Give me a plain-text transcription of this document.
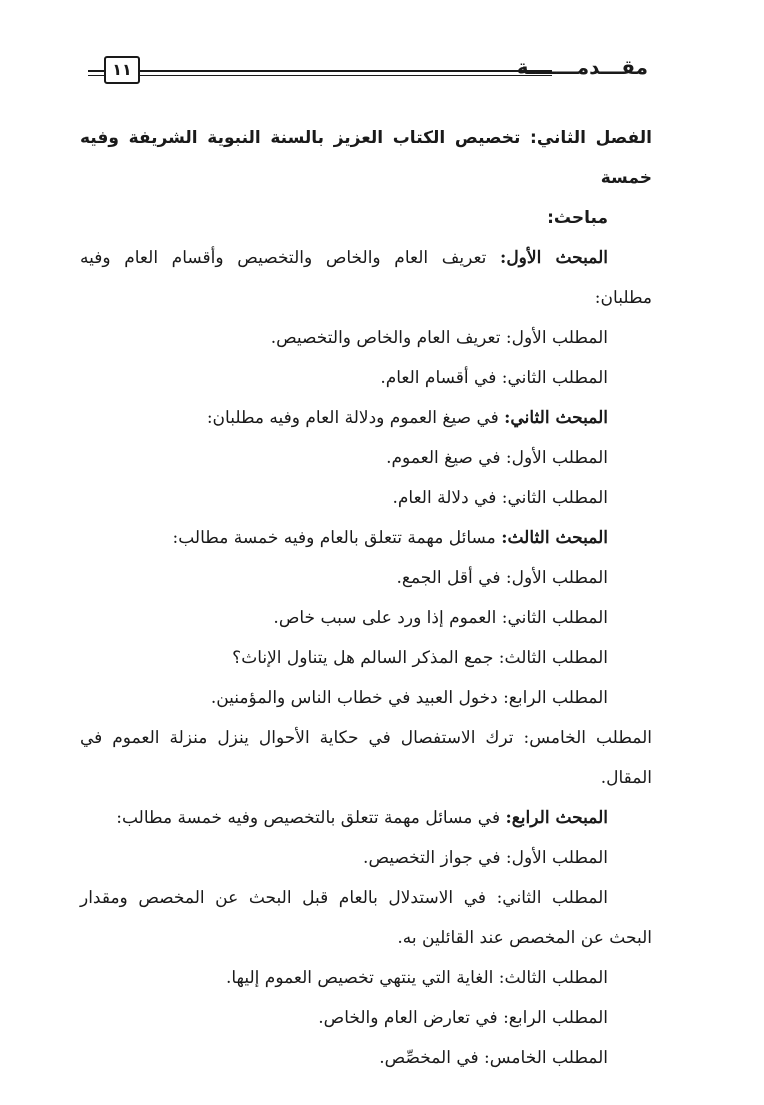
١١	مقـــدمـــــــة
الفصل الثاني: تخصيص الكتاب العزيز بالسنة النبوية الشريفة وفيه خمسة
مباحث:
المبحث الأول: تعريف العام والخاص والتخصيص وأقسام العام وفيه
مطلبان:
المطلب الأول: تعريف العام والخاص والتخصيص.
المطلب الثاني: في أقسام العام.
المبحث الثاني: في صيغ العموم ودلالة العام وفيه مطلبان:
المطلب الأول: في صيغ العموم.
المطلب الثاني: في دلالة العام.
المبحث الثالث: مسائل مهمة تتعلق بالعام وفيه خمسة مطالب:
المطلب الأول: في أقل الجمع.
المطلب الثاني: العموم إذا ورد على سبب خاص.
المطلب الثالث: جمع المذكر السالم هل يتناول الإناث؟
المطلب الرابع: دخول العبيد في خطاب الناس والمؤمنين.
المطلب الخامس: ترك الاستفصال في حكاية الأحوال ينزل منزلة العموم في
المقال.
المبحث الرابع: في مسائل مهمة تتعلق بالتخصيص وفيه خمسة مطالب:
المطلب الأول: في جواز التخصيص.
المطلب الثاني: في الاستدلال بالعام قبل البحث عن المخصص ومقدار
البحث عن المخصص عند القائلين به.
المطلب الثالث: الغاية التي ينتهي تخصيص العموم إليها.
المطلب الرابع: في تعارض العام والخاص.
المطلب الخامس: في المخصِّص.
